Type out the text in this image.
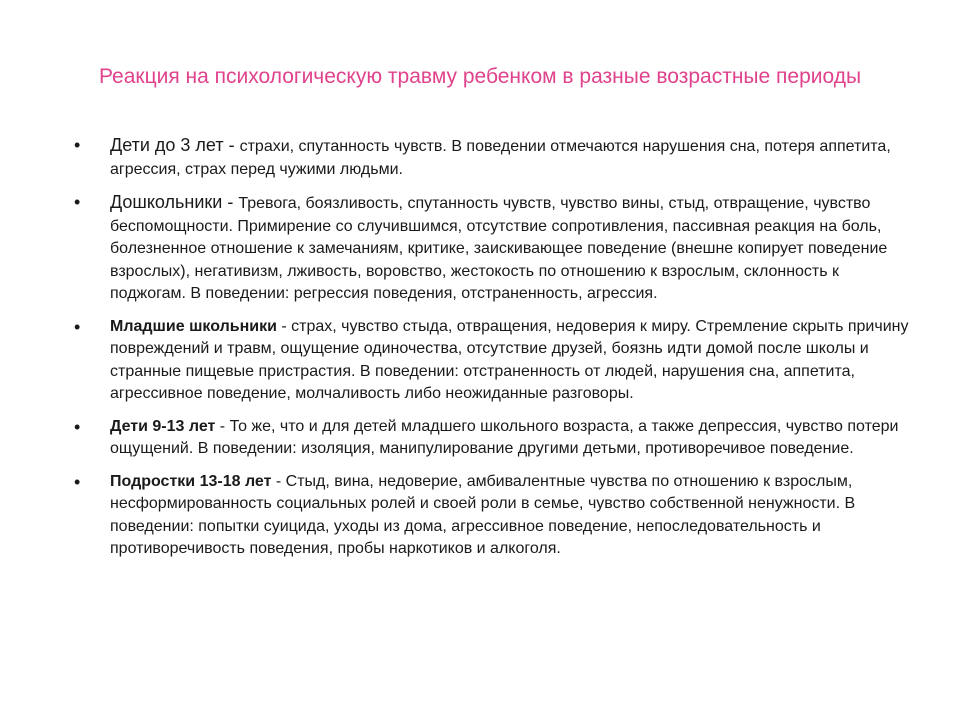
Реакция на психологическую травму ребенком в разные возрастные периоды
•	Дети до 3 лет - страхи, спутанность чувств. В поведении отмечаются нарушения сна, потеря аппетита, агрессия, страх перед чужими людьми.
•	Дошкольники - Тревога, боязливость, спутанность чувств, чувство вины, стыд, отвращение, чувство беспомощности. Примирение со случившимся, отсутствие сопротивления, пассивная реакция на боль, болезненное отношение к замечаниям, критике, заискивающее поведение (внешне копирует поведение взрослых), негативизм, лживость, воровство, жестокость по отношению к взрослым, склонность к поджогам. В поведении: регрессия поведения, отстраненность, агрессия.
•	Младшие школьники - страх, чувство стыда, отвращения, недоверия к миру. Стремление скрыть причину повреждений и травм, ощущение одиночества, отсутствие друзей, боязнь идти домой после школы и странные пищевые пристрастия. В поведении: отстраненность от людей, нарушения сна, аппетита, агрессивное поведение, молчаливость либо неожиданные разговоры.
•	Дети 9-13 лет - То же, что и для детей младшего школьного возраста, а также депрессия, чувство потери ощущений. В поведении: изоляция, манипулирование другими детьми, противоречивое поведение.
•	Подростки 13-18 лет - Стыд, вина, недоверие, амбивалентные чувства по отношению к взрослым, несформированность социальных ролей и своей роли в семье, чувство собственной ненужности. В поведении: попытки суицида, уходы из дома, агрессивное поведение, непоследовательность и противоречивость поведения, пробы наркотиков и алкоголя.
